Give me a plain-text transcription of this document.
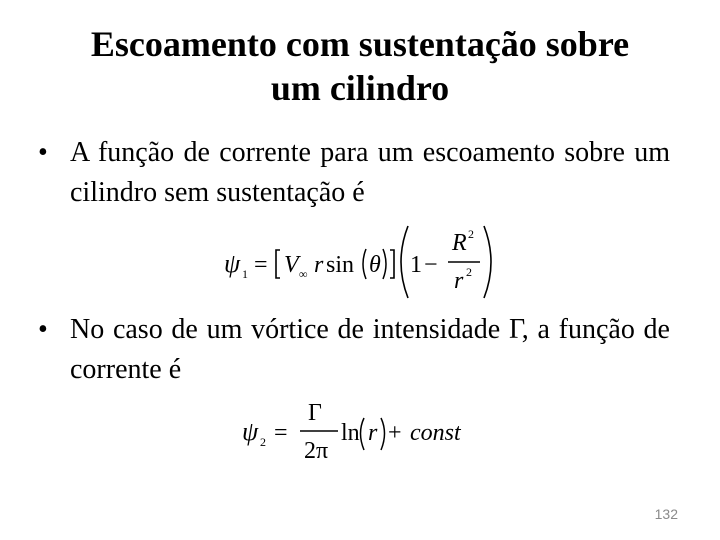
Escoamento com sustentação sobre
um cilindro
• A função de corrente para um escoamento sobre um cilindro sem sustentação é
ψ 1 = V ∞ r sin θ 1 −
R 2
r 2
• No caso de um vórtice de intensidade Γ, a função de corrente é
ψ 2 =
Γ
2π
ln r + const
132
